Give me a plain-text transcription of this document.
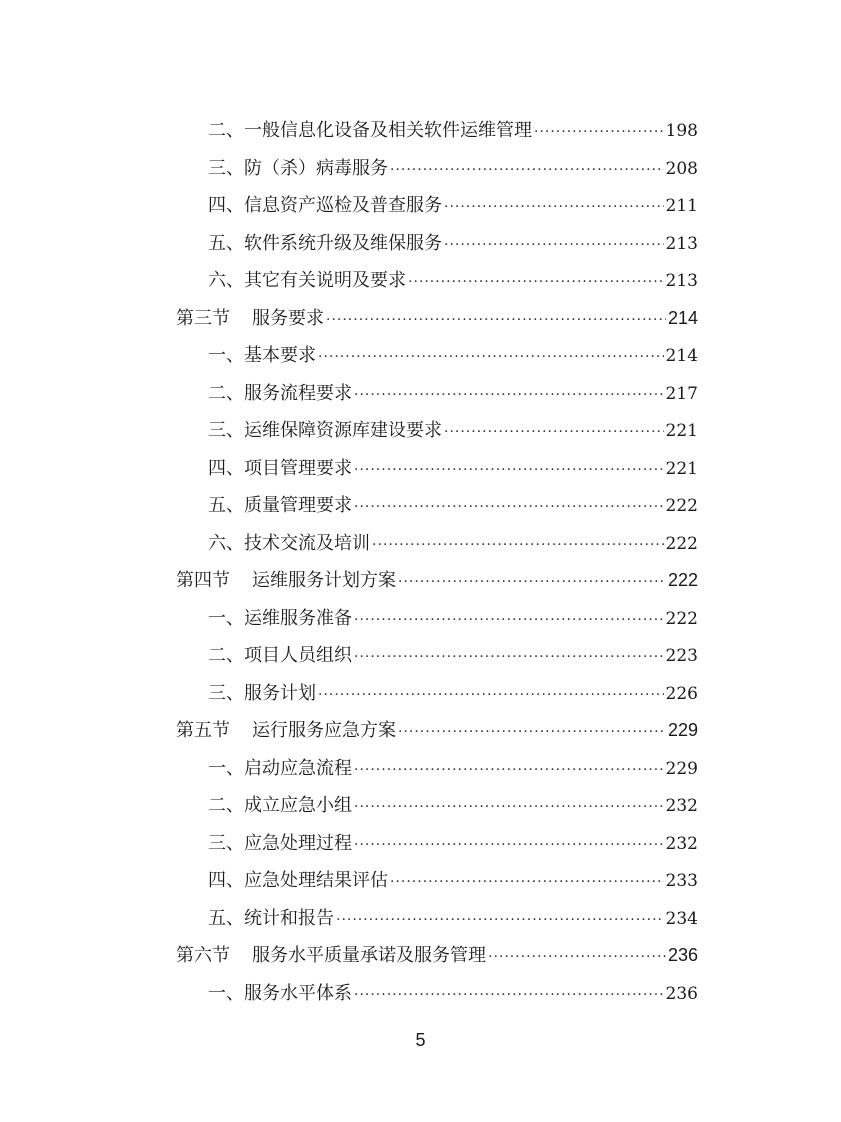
二、一般信息化设备及相关软件运维管理 ·····	198
三、防（杀）病毒服务 ·····	208
四、信息资产巡检及普查服务 ·····	211
五、软件系统升级及维保服务 ·····	213
六、其它有关说明及要求 ·····	213
第三节 服务要求 ·····	214
一、基本要求 ·····	214
二、服务流程要求 ·····	217
三、运维保障资源库建设要求 ·····	221
四、项目管理要求 ·····	221
五、质量管理要求 ·····	222
六、技术交流及培训 ·····	222
第四节 运维服务计划方案 ·····	222
一、运维服务准备 ·····	222
二、项目人员组织 ·····	223
三、服务计划 ·····	226
第五节 运行服务应急方案 ·····	229
一、启动应急流程 ·····	229
二、成立应急小组 ·····	232
三、应急处理过程 ·····	232
四、应急处理结果评估 ·····	233
五、统计和报告 ·····	234
第六节 服务水平质量承诺及服务管理 ·····	236
一、服务水平体系 ·····	236
5
